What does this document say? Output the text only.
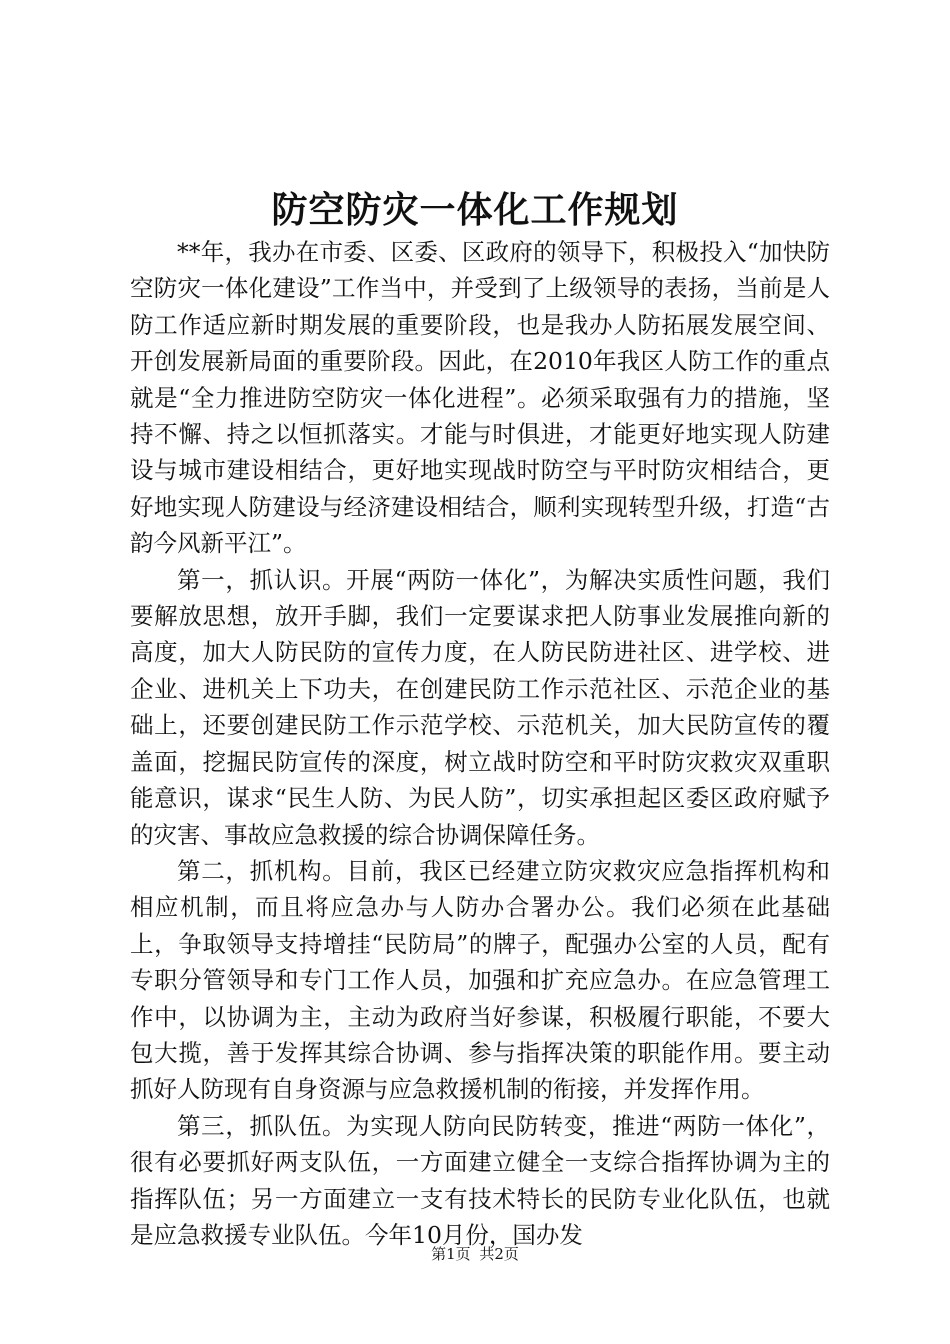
防空防灾一体化工作规划

**年，我办在市委、区委、区政府的领导下，积极投入“加快防空防灾一体化建设”工作当中，并受到了上级领导的表扬，当前是人防工作适应新时期发展的重要阶段，也是我办人防拓展发展空间、开创发展新局面的重要阶段。因此，在2010年我区人防工作的重点就是“全力推进防空防灾一体化进程”。必须采取强有力的措施，坚持不懈、持之以恒抓落实。才能与时俱进，才能更好地实现人防建设与城市建设相结合，更好地实现战时防空与平时防灾相结合，更好地实现人防建设与经济建设相结合，顺利实现转型升级，打造“古韵今风新平江”。

第一，抓认识。开展“两防一体化”，为解决实质性问题，我们要解放思想，放开手脚，我们一定要谋求把人防事业发展推向新的高度，加大人防民防的宣传力度，在人防民防进社区、进学校、进企业、进机关上下功夫，在创建民防工作示范社区、示范企业的基础上，还要创建民防工作示范学校、示范机关，加大民防宣传的覆盖面，挖掘民防宣传的深度，树立战时防空和平时防灾救灾双重职能意识，谋求“民生人防、为民人防”，切实承担起区委区政府赋予的灾害、事故应急救援的综合协调保障任务。

第二，抓机构。目前，我区已经建立防灾救灾应急指挥机构和相应机制，而且将应急办与人防办合署办公。我们必须在此基础上，争取领导支持增挂“民防局”的牌子，配强办公室的人员，配有专职分管领导和专门工作人员，加强和扩充应急办。在应急管理工作中，以协调为主，主动为政府当好参谋，积极履行职能，不要大包大揽，善于发挥其综合协调、参与指挥决策的职能作用。要主动抓好人防现有自身资源与应急救援机制的衔接，并发挥作用。

第三，抓队伍。为实现人防向民防转变，推进“两防一体化”，很有必要抓好两支队伍，一方面建立健全一支综合指挥协调为主的指挥队伍；另一方面建立一支有技术特长的民防专业化队伍，也就是应急救援专业队伍。今年10月份，国办发

第1页 共2页
